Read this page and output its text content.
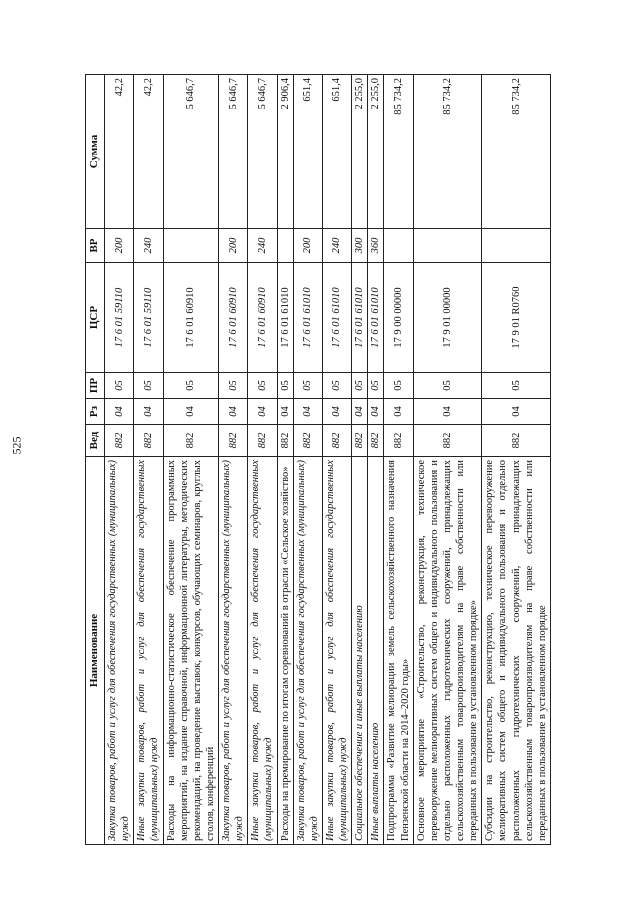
525
Наименование	Вед	Рз	ПР	ЦСР	ВР	Сумма
Закупка товаров, работ и услуг для обеспечения государственных (муниципальных) нужд	882	04	05	17 6 01 59110	200	42,2
Иные закупки товаров, работ и услуг для обеспечения государственных (муниципальных) нужд	882	04	05	17 6 01 59110	240	42,2
Расходы на информационно-статистическое обеспечение программных мероприятий, на издание справочной, информационной литературы, методических рекомендаций, на проведение выставок, конкурсов, обучающих семинаров, круглых столов, конференций	882	04	05	17 6 01 60910		5 646,7
Закупка товаров, работ и услуг для обеспечения государственных (муниципальных) нужд	882	04	05	17 6 01 60910	200	5 646,7
Иные закупки товаров, работ и услуг для обеспечения государственных (муниципальных) нужд	882	04	05	17 6 01 60910	240	5 646,7
Расходы на премирование по итогам соревнований в отрасли «Сельское хозяйство»	882	04	05	17 6 01 61010		2 906,4
Закупка товаров, работ и услуг для обеспечения государственных (муниципальных) нужд	882	04	05	17 6 01 61010	200	651,4
Иные закупки товаров, работ и услуг для обеспечения государственных (муниципальных) нужд	882	04	05	17 6 01 61010	240	651,4
Социальное обеспечение и иные выплаты населению	882	04	05	17 6 01 61010	300	2 255,0
Иные выплаты населению	882	04	05	17 6 01 61010	360	2 255,0
Подпрограмма «Развитие мелиорации земель сельскохозяйственного назначения Пензенской области на 2014–2020 годы»	882	04	05	17 9 00 00000		85 734,2
Основное мероприятие «Строительство, реконструкция, техническое перевооружение мелиоративных систем общего и индивидуального пользования и отдельно расположенных гидротехнических сооружений, принадлежащих сельскохозяйственным товаропроизводителям на праве собственности или переданных в пользование в установленном порядке»	882	04	05	17 9 01 00000		85 734,2
Субсидии на строительство, реконструкцию, техническое перевооружение мелиоративных систем общего и индивидуального пользования и отдельно расположенных гидротехнических сооружений, принадлежащих сельскохозяйственным товаропроизводителям на праве собственности или переданных в пользование в установленном порядке	882	04	05	17 9 01 R0760		85 734,2
